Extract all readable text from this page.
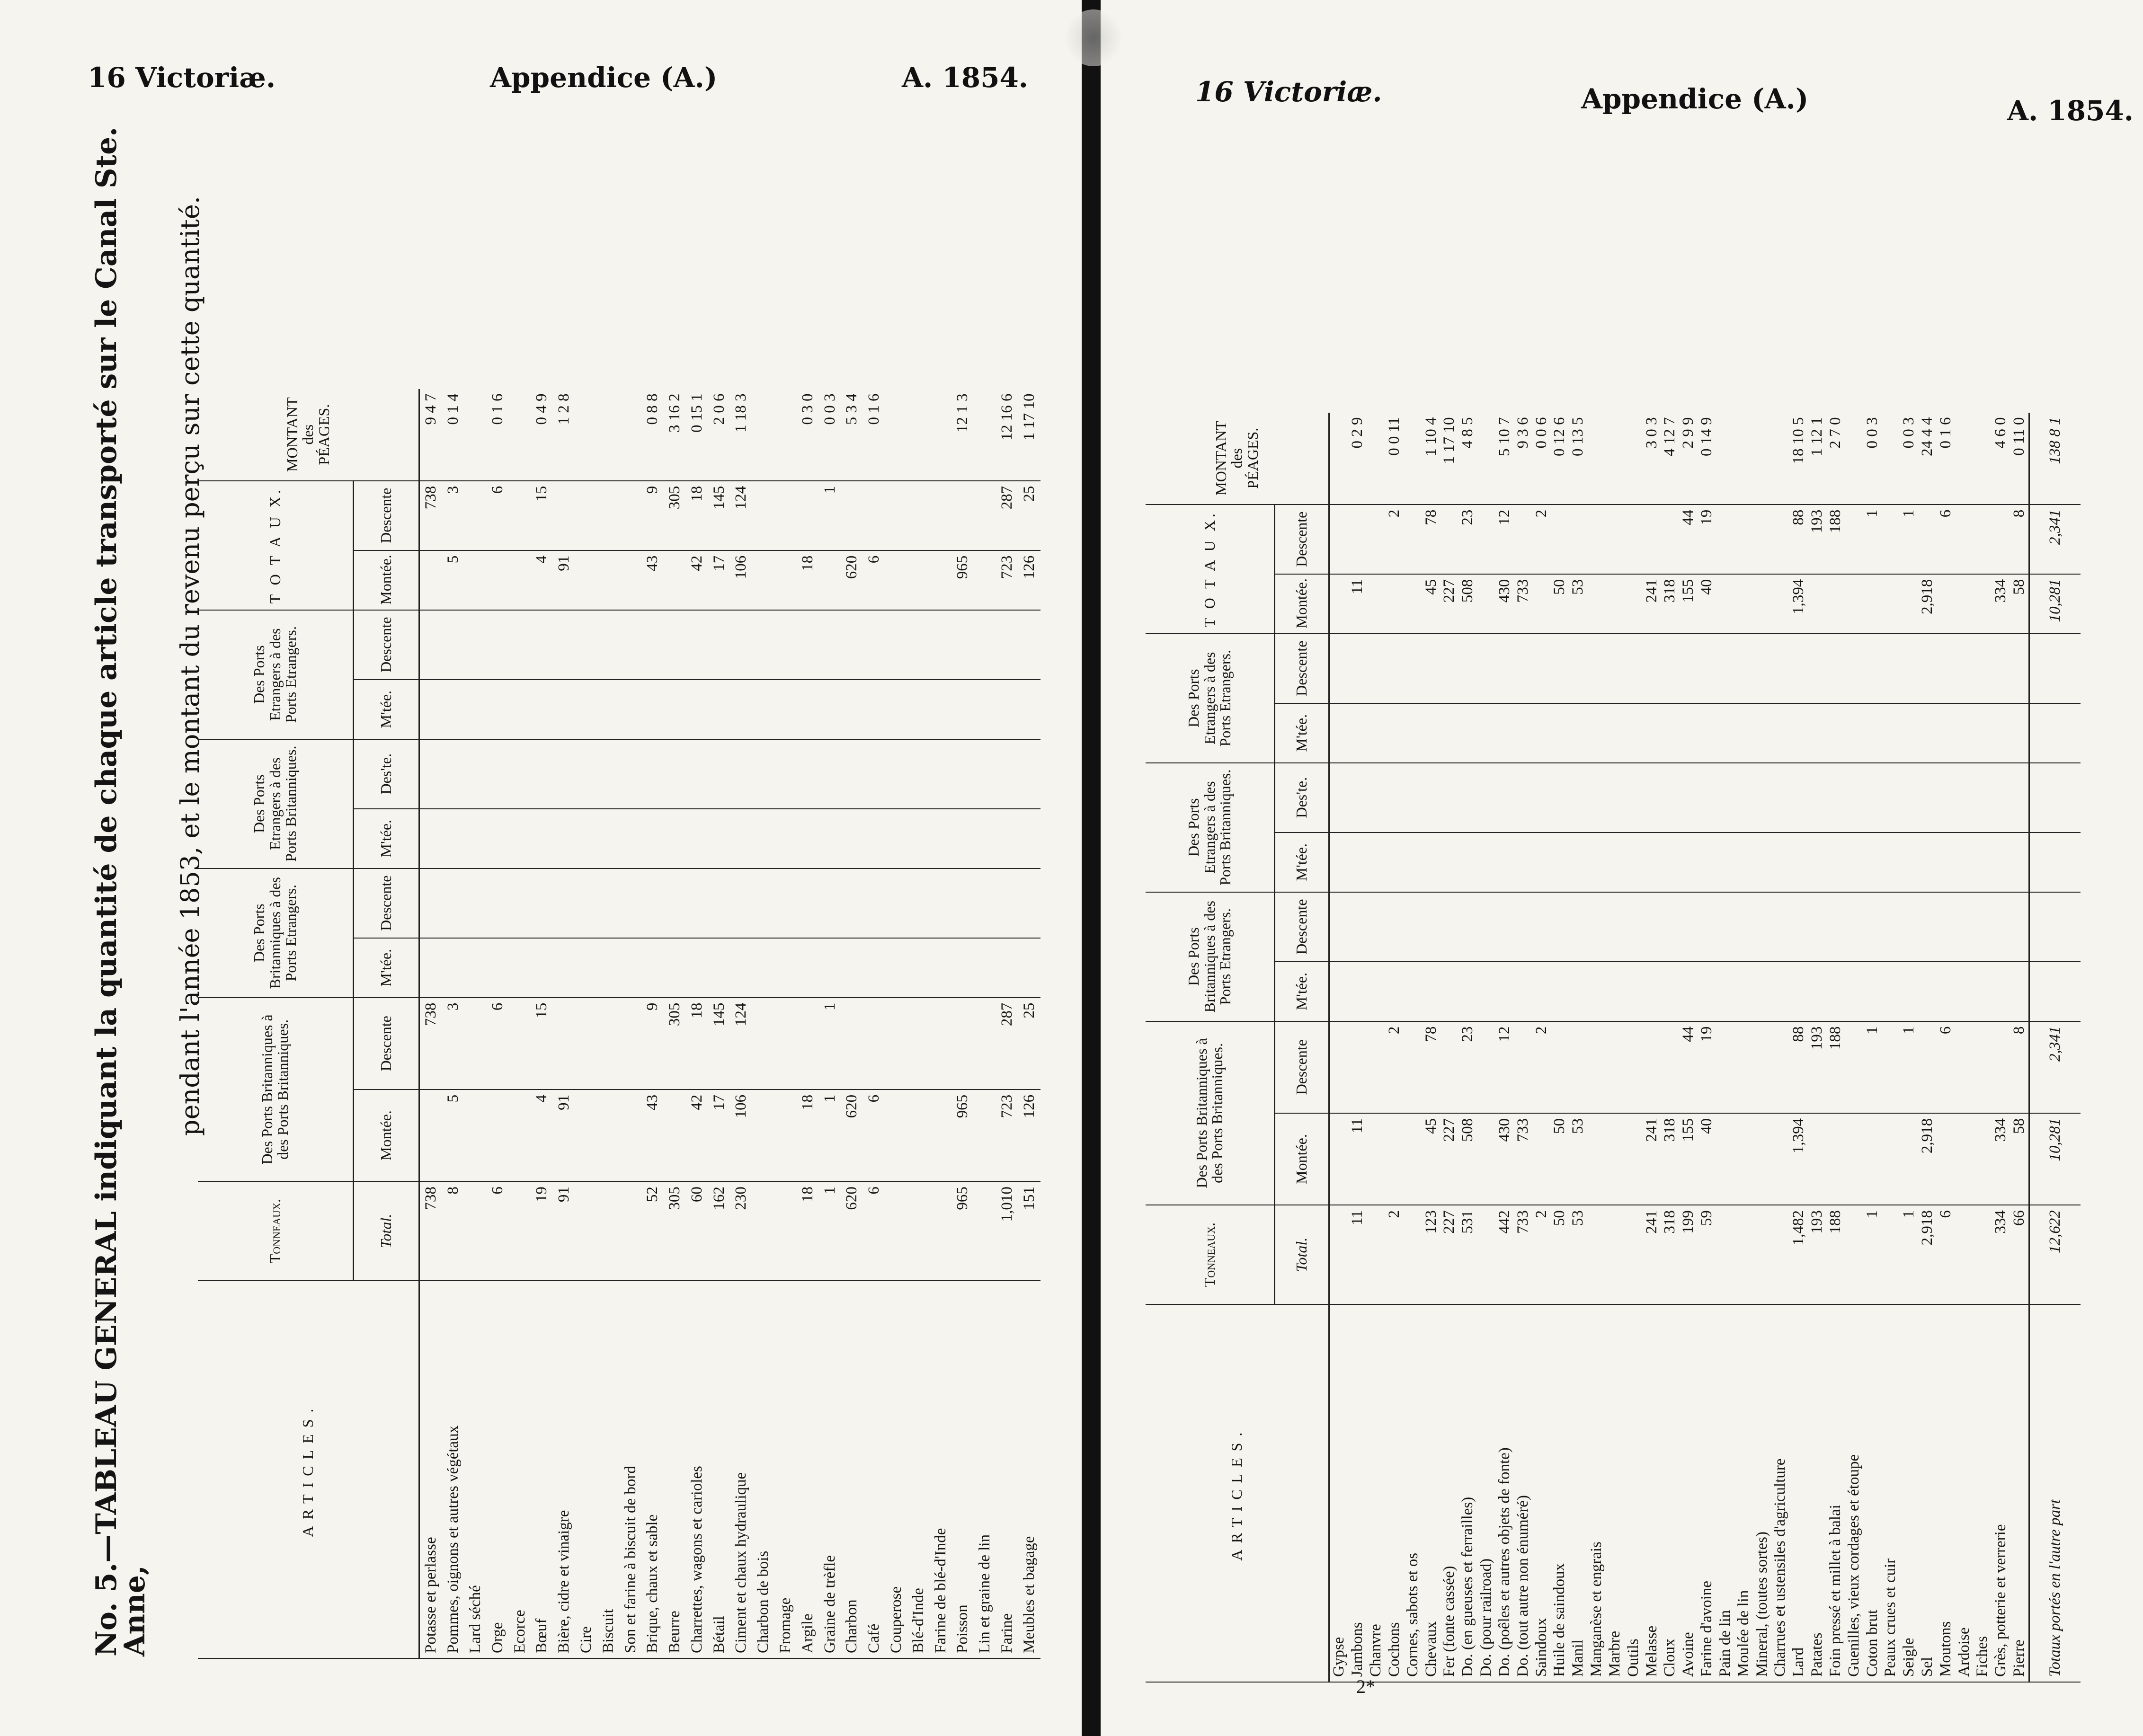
16 Victoriæ.	Appendice (A.)	A. 1854.
No. 5.—TABLEAU GENERAL indiquant la quantité de chaque article transporté sur le Canal Ste. Anne,
pendant l'année 1853, et le montant du revenu perçu sur cette quantité.
ARTICLES.	Tonneaux.	Des Ports Britanniques à des Ports Britanniques.		Des Ports Britanniques à des Ports Etrangers.		Des Ports Etrangers à des Ports Britanniques.		Des Ports Etrangers à des Ports Etrangers.		T O T A U X.		MONTANT des PÉAGES.
	Total.	Montée.	Descente	M'tée.	Descente	M'tée.	Des'te.	M'tée.	Descente	Montée.	Descente	
Potasse et perlasse	738		738								738	9 4 7
Pommes, oignons et autres végétaux	8	5	3							5	3	0 1 4
Lard séché												
Orge	6		6								6	0 1 6
Ecorce												
Bœuf	19	4	15							4	15	0 4 9
Bière, cidre et vinaigre	91	91								91		1 2 8
Cire												
Biscuit												
Son et farine à biscuit de bord												
Brique, chaux et sable	52	43	9							43	9	0 8 8
Beurre	305		305								305	3 16 2
Charrettes, wagons et carioles	60	42	18							42	18	0 15 1
Bétail	162	17	145							17	145	2 0 6
Ciment et chaux hydraulique	230	106	124							106	124	1 18 3
Charbon de bois												
Fromage												
Argile	18	18								18		0 3 0
Graine de trèfle	1	1	1								1	0 0 3
Charbon	620	620								620		5 3 4
Café	6	6								6		0 1 6
Couperose												
Blé-d'Inde												
Farine de blé-d'Inde												
Poisson	965	965								965		12 1 3
Lin et graine de lin												
Farine	1,010	723	287							723	287	12 16 6
Meubles et bagage	151	126	25							126	25	1 17 10
16 Victoriæ.	Appendice (A.)	A. 1854.
ARTICLES.	Tonneaux.	Des Ports Britanniques à des Ports Britanniques.		Des Ports Britanniques à des Ports Etrangers.		Des Ports Etrangers à des Ports Britanniques.		Des Ports Etrangers à des Ports Etrangers.		T O T A U X.		MONTANT des PÉAGES.
	Total.	Montée.	Descente	M'tée.	Descente	M'tée.	Des'te.	M'tée.	Descente	Montée.	Descente	
Gypse												
Jambons	11	11								11		0 2 9
Chanvre												
Cochons	2		2								2	0 0 11
Cornes, sabots et os												
Chevaux	123	45	78							45	78	1 10 4
Fer (fonte cassée)	227	227								227		1 17 10
Do. (en gueuses et ferrailles)	531	508	23							508	23	4 8 5
Do. (pour railroad)												
Do. (poêles et autres objets de fonte)	442	430	12							430	12	5 10 7
Do. (tout autre non énuméré)	733	733								733		9 3 6
Saindoux	2		2								2	0 0 6
Huile de saindoux	50	50								50		0 12 6
Manil	53	53								53		0 13 5
Manganèse et engrais												
Marbre												
Outils												
Melasse	241	241								241		3 0 3
Cloux	318	318								318		4 12 7
Avoine	199	155	44							155	44	2 9 9
Farine d'avoine	59	40	19							40	19	0 14 9
Pain de lin												
Moulée de lin												
Mineral, (toutes sortes)												
Charrues et ustensiles d'agriculture												
Lard	1,482	1,394	88							1,394	88	18 10 5
Patates	193		193								193	1 12 1
Foin pressé et millet à balai	188		188								188	2 7 0
Guenilles, vieux cordages et étoupe												
Coton brut	1		1								1	0 0 3
Peaux crues et cuir												
Seigle	1		1								1	0 0 3
Sel	2,918	2,918								2,918		24 4 4
Moutons	6		6								6	0 1 6
Ardoise												
Fiches												
Grès, potterie et verrerie	334	334								334		4 6 0
Pierre	66	58	8							58	8	0 11 0
Totaux portés en l'autre part	12,622	10,281	2,341							10,281	2,341	138 8 1
2*
